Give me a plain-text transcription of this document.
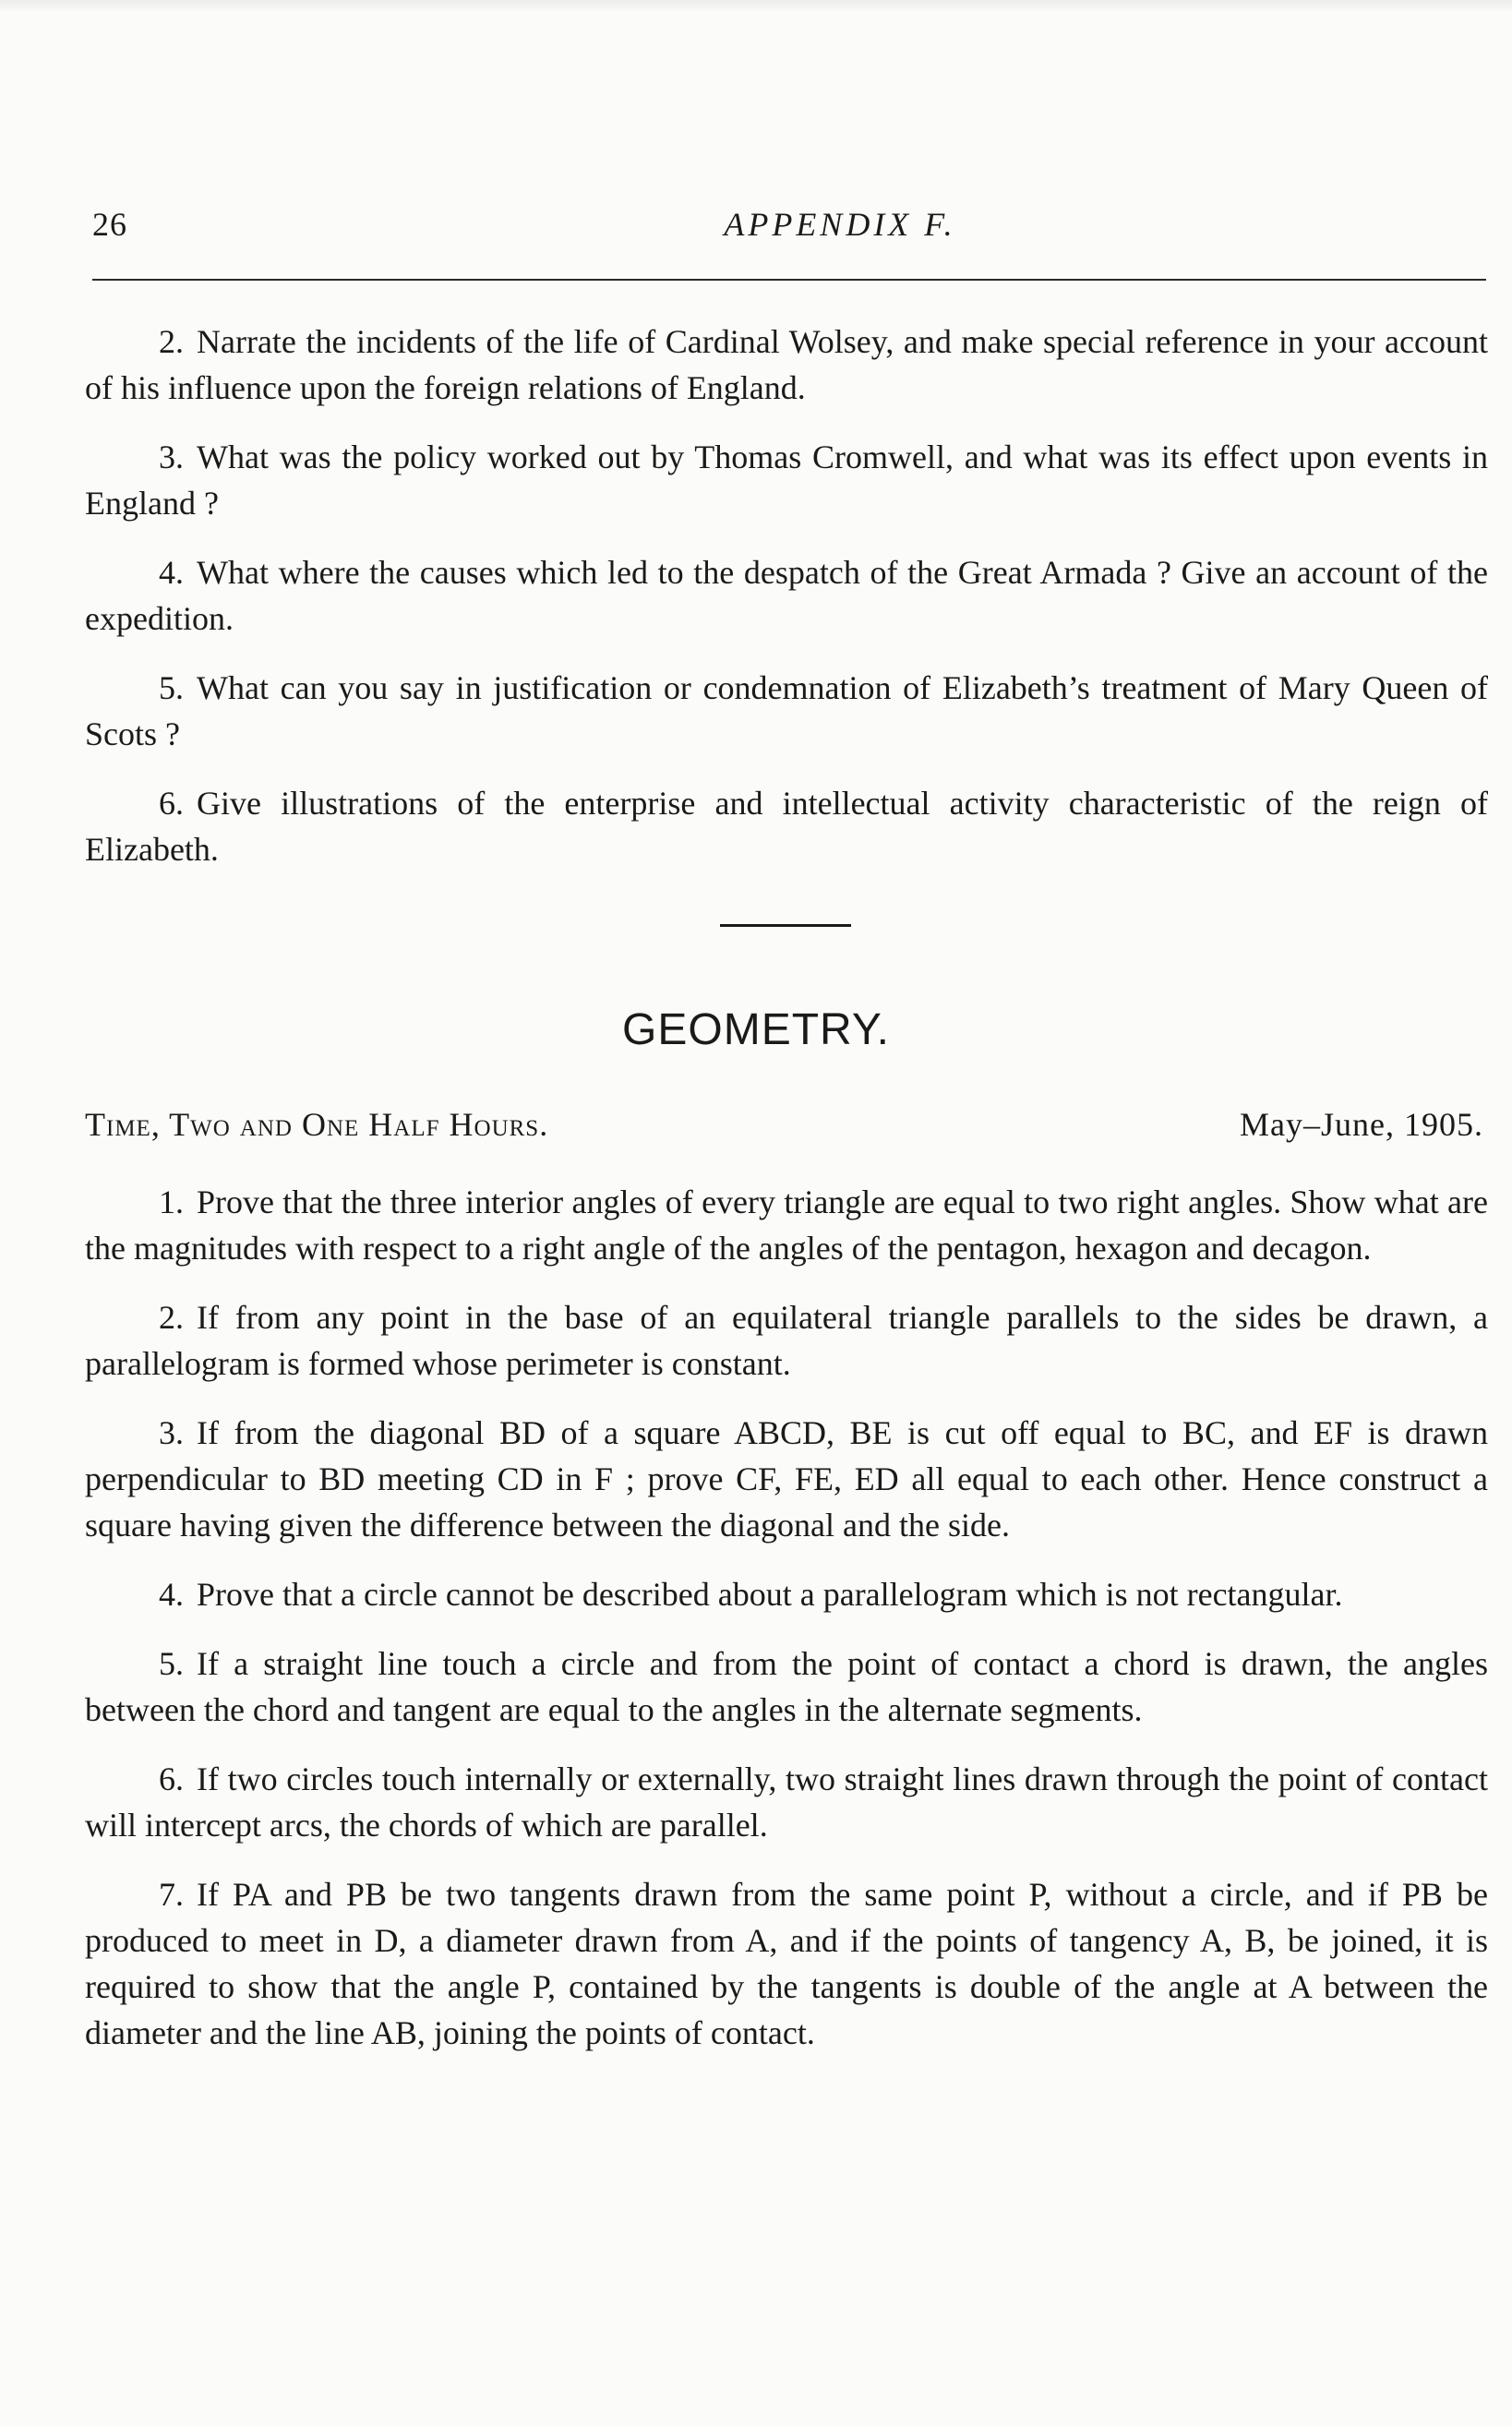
26	APPENDIX F.

2. Narrate the incidents of the life of Cardinal Wolsey, and make special reference in your account of his influence upon the foreign relations of England.

3. What was the policy worked out by Thomas Cromwell, and what was its effect upon events in England ?

4. What where the causes which led to the despatch of the Great Armada ? Give an account of the expedition.

5. What can you say in justification or condemnation of Elizabeth’s treatment of Mary Queen of Scots ?

6. Give illustrations of the enterprise and intellectual activity characteristic of the reign of Elizabeth.

GEOMETRY.
Time, Two and One Half Hours.	May–June, 1905.

1. Prove that the three interior angles of every triangle are equal to two right angles. Show what are the magnitudes with respect to a right angle of the angles of the pentagon, hexagon and decagon.

2. If from any point in the base of an equilateral triangle parallels to the sides be drawn, a parallelogram is formed whose perimeter is constant.

3. If from the diagonal BD of a square ABCD, BE is cut off equal to BC, and EF is drawn perpendicular to BD meeting CD in F ; prove CF, FE, ED all equal to each other. Hence construct a square having given the difference between the diagonal and the side.

4. Prove that a circle cannot be described about a parallelogram which is not rectangular.

5. If a straight line touch a circle and from the point of contact a chord is drawn, the angles between the chord and tangent are equal to the angles in the alternate segments.

6. If two circles touch internally or externally, two straight lines drawn through the point of contact will intercept arcs, the chords of which are parallel.

7. If PA and PB be two tangents drawn from the same point P, without a circle, and if PB be produced to meet in D, a diameter drawn from A, and if the points of tangency A, B, be joined, it is required to show that the angle P, contained by the tangents is double of the angle at A between the diameter and the line AB, joining the points of contact.
